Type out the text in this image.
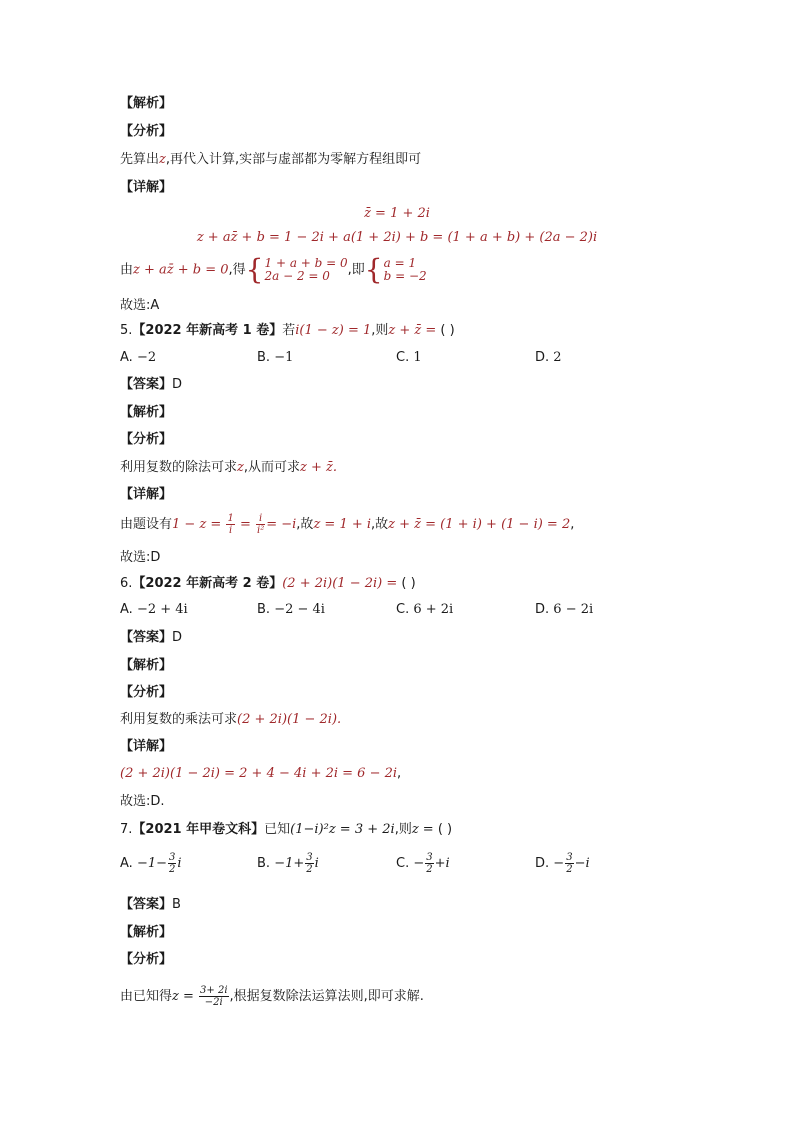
【解析】
【分析】
先算出z,再代入计算,实部与虚部都为零解方程组即可
【详解】
z̄ = 1 + 2i
z + az̄ + b = 1 − 2i + a(1 + 2i) + b = (1 + a + b) + (2a − 2)i
由z + az̄ + b = 0,得{ 1 + a + b = 0
2a − 2 = 0	,即{ a = 1
b = −2
故选:A
5.【2022 年新高考 1 卷】若i(1 − z) = 1,则z + z̄ = ( )
A. −2	B. −1	C. 1	D. 2
【答案】D
【解析】
【分析】
利用复数的除法可求z,从而可求z + z̄.
【详解】
由题设有$1 - z = \frac{1}{i} = \frac{i}{\text{i²}} = -i$,故z = 1 + i,故z + z̄ = (1 + i) + (1 − i) = 2,
故选:D
6.【2022 年新高考 2 卷】(2 + 2i)(1 − 2i) = ( )
A. −2 + 4i	B. −2 − 4i	C. 6 + 2i	D. 6 − 2i
【答案】D
【解析】
【分析】
利用复数的乘法可求(2 + 2i)(1 − 2i).
【详解】
(2 + 2i)(1 − 2i) = 2 + 4 − 4i + 2i = 6 − 2i,
故选:D.
7.【2021 年甲卷文科】已知(1−i)²z = 3 + 2i,则z = ( )
A. $-1- \frac{3}{2}$ i	B. $-1+ \frac{3}{2}$ i	C. − $\frac{3}{2} +i$	D. − $\frac{3}{2} -i$
【答案】B
【解析】
【分析】
由已知得$z = \frac{3+ 2i}{-2i}$ ,根据复数除法运算法则,即可求解.
